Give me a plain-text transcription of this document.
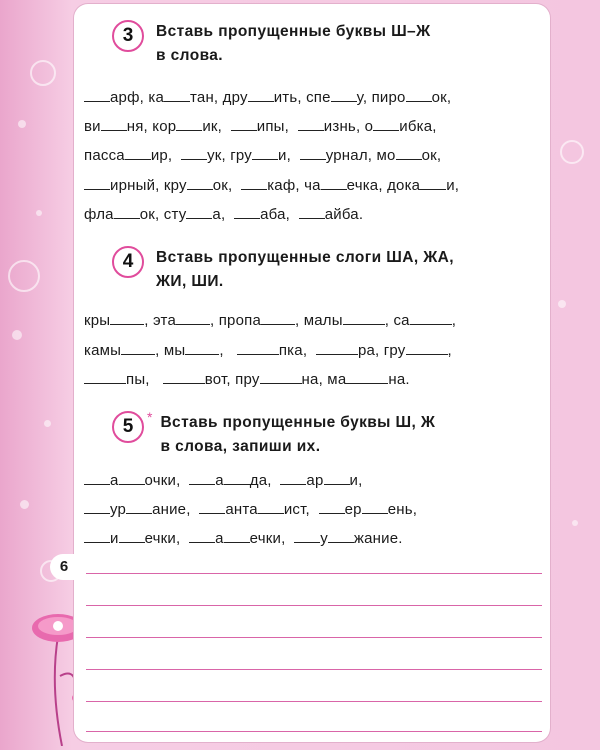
6
3	Вставь пропущенные буквы Ш–Ж
в слова.
арф, ка тан, дру ить, спе у, пиро ок,
ви ня, кор ик, ипы, изнь, о ибка,
пасса ир, ук, гру и, урнал, мо ок,
ирный, кру ок, каф, ча ечка, дока и,
фла ок, сту а, аба, айба.
4	Вставь пропущенные слоги ША, ЖА,
ЖИ, ШИ.
кры , эта , пропа , малы	, са	,
камы , мы ,	пка,	ра, гру	,
пы,	вот, пру	на, ма	на.
5 * Вставь пропущенные буквы Ш, Ж
в слова, запиши их.
а очки, а да, ар и,
ур ание, анта ист, ер ень,
и ечки, а ечки, у жание.
